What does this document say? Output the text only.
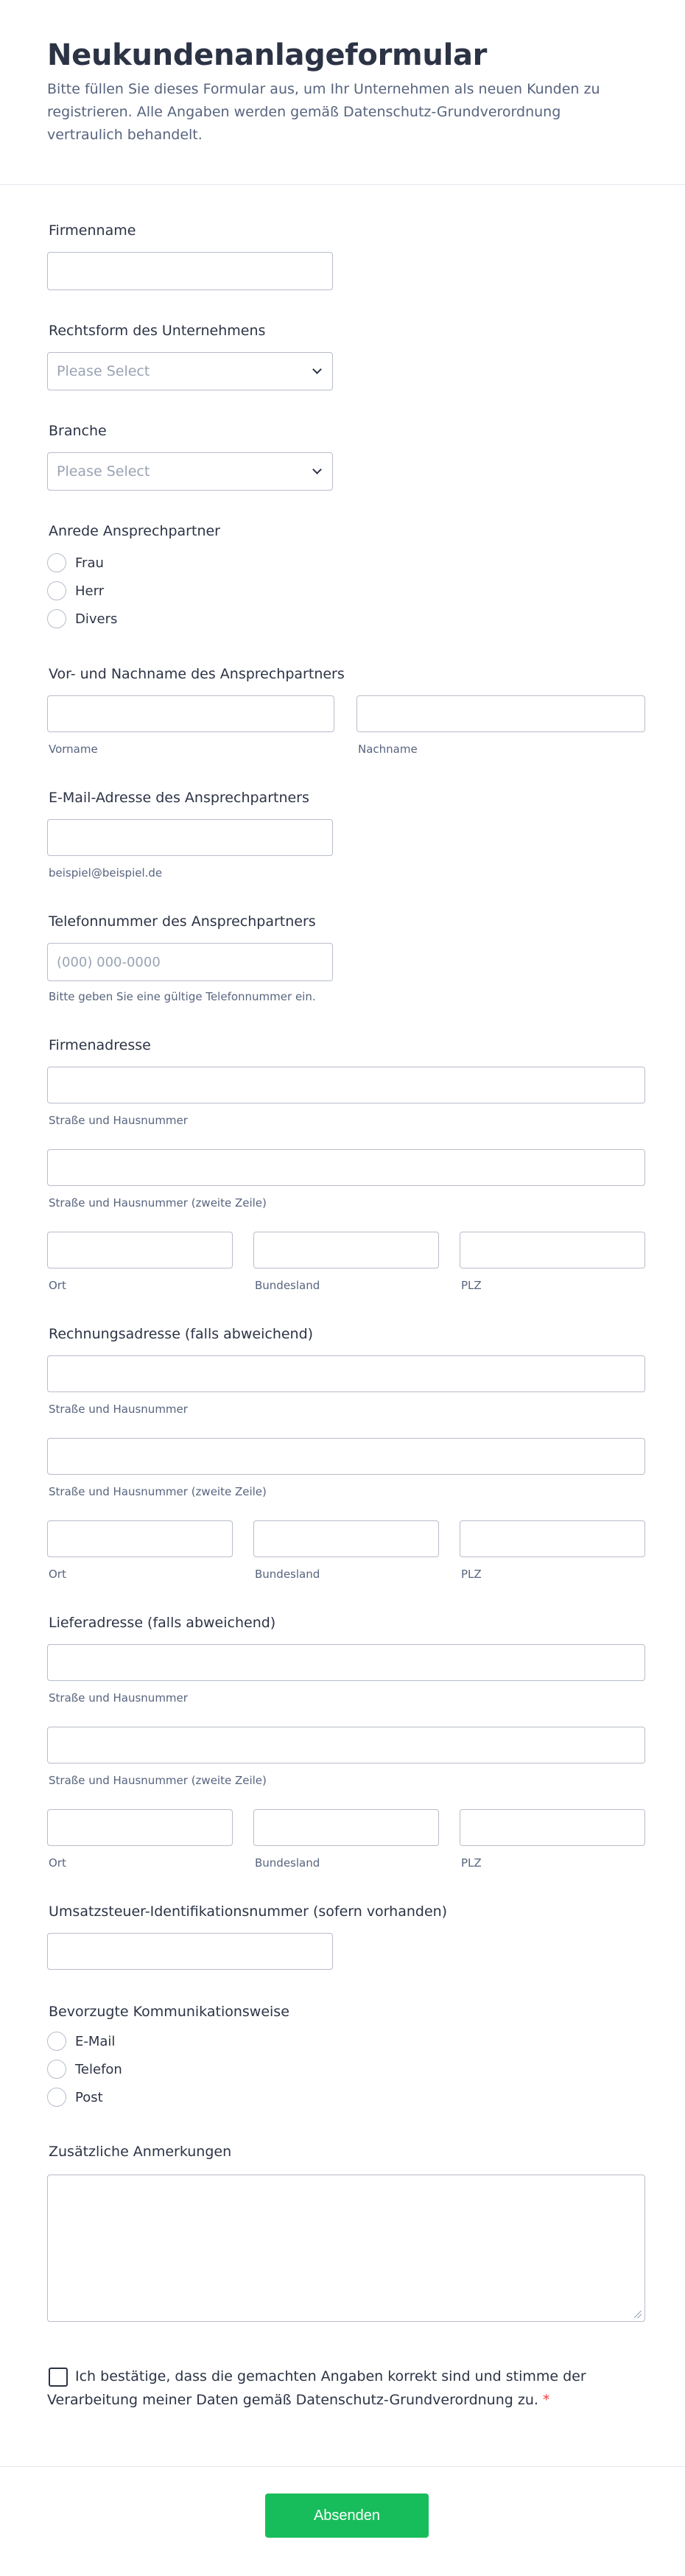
Neukundenanlageformular
Bitte füllen Sie dieses Formular aus, um Ihr Unternehmen als neuen Kunden zu registrieren. Alle Angaben werden gemäß Datenschutz-Grundverordnung vertraulich behandelt.
Firmenname
Rechtsform des Unternehmens
Please Select
Branche
Please Select
Anrede Ansprechpartner
Frau
Herr
Divers
Vor- und Nachname des Ansprechpartners
Vorname	Nachname
E-Mail-Adresse des Ansprechpartners
beispiel@beispiel.de
Telefonnummer des Ansprechpartners
(000) 000-0000
Bitte geben Sie eine gültige Telefonnummer ein.
Firmenadresse
Straße und Hausnummer
Straße und Hausnummer (zweite Zeile)
Ort	Bundesland	PLZ
Rechnungsadresse (falls abweichend)
Straße und Hausnummer
Straße und Hausnummer (zweite Zeile)
Ort	Bundesland	PLZ
Lieferadresse (falls abweichend)
Straße und Hausnummer
Straße und Hausnummer (zweite Zeile)
Ort	Bundesland	PLZ
Umsatzsteuer-Identifikationsnummer (sofern vorhanden)
Bevorzugte Kommunikationsweise
E-Mail
Telefon
Post
Zusätzliche Anmerkungen
Ich bestätige, dass die gemachten Angaben korrekt sind und stimme der Verarbeitung meiner Daten gemäß Datenschutz-Grundverordnung zu. *
Absenden
